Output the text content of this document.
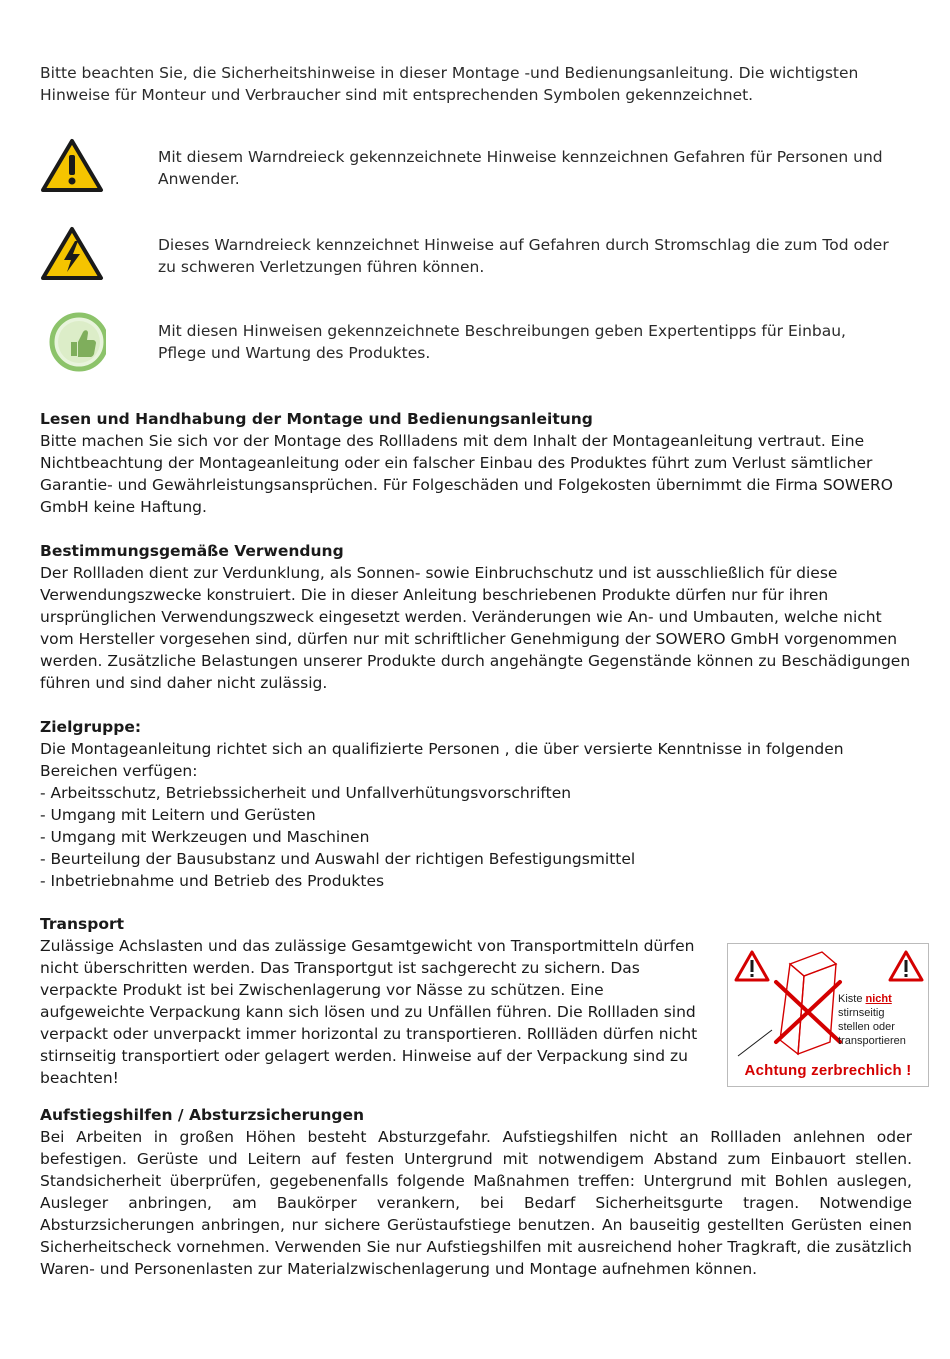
Bitte beachten Sie, die Sicherheitshinweise in dieser Montage -und Bedienungsanleitung. Die wichtigsten Hinweise für Monteur und Verbraucher sind mit entsprechenden Symbolen gekennzeichnet.
Mit diesem Warndreieck gekennzeichnete Hinweise kennzeichnen Gefahren für Personen und Anwender.
Dieses Warndreieck kennzeichnet Hinweise auf Gefahren durch Stromschlag die zum Tod oder zu schweren Verletzungen führen können.
Mit diesen Hinweisen gekennzeichnete Beschreibungen geben Expertentipps für Einbau, Pflege und Wartung des Produktes.
Lesen und Handhabung der Montage und Bedienungsanleitung

Bitte machen Sie sich vor der Montage des Rollladens mit dem Inhalt der Montageanleitung vertraut. Eine Nichtbeachtung der Montageanleitung oder ein falscher Einbau des Produktes führt zum Verlust sämtlicher Garantie- und Gewährleistungsansprüchen. Für Folgeschäden und Folgekosten übernimmt die Firma SOWERO GmbH keine Haftung.

Bestimmungsgemäße Verwendung

Der Rollladen dient zur Verdunklung, als Sonnen- sowie Einbruchschutz und ist ausschließlich für diese Verwendungszwecke konstruiert. Die in dieser Anleitung beschriebenen Produkte dürfen nur für ihren ursprünglichen Verwendungszweck eingesetzt werden. Veränderungen wie An- und Umbauten, welche nicht vom Hersteller vorgesehen sind, dürfen nur mit schriftlicher Genehmigung der SOWERO GmbH vorgenommen werden. Zusätzliche Belastungen unserer Produkte durch angehängte Gegenstände können zu Beschädigungen führen und sind daher nicht zulässig.

Zielgruppe:

Die Montageanleitung richtet sich an qualifizierte Personen , die über versierte Kenntnisse in folgenden Bereichen verfügen:

- Arbeitsschutz, Betriebssicherheit und Unfallverhütungsvorschriften
- Umgang mit Leitern und Gerüsten
- Umgang mit Werkzeugen und Maschinen
- Beurteilung der Bausubstanz und Auswahl der richtigen Befestigungsmittel
- Inbetriebnahme und Betrieb des Produktes
Transport

Zulässige Achslasten und das zulässige Gesamtgewicht von Transportmitteln dürfen nicht überschritten werden. Das Transportgut ist sachgerecht zu sichern. Das verpackte Produkt ist bei Zwischenlagerung vor Nässe zu schützen. Eine aufgeweichte Verpackung kann sich lösen und zu Unfällen führen. Die Rollladen sind verpackt oder unverpackt immer horizontal zu transportieren. Rollläden dürfen nicht stirnseitig transportiert oder gelagert werden. Hinweise auf der Verpackung sind zu beachten!

Kiste nicht
stirnseitig
stellen oder
transportieren
Achtung zerbrechlich !
Aufstiegshilfen / Absturzsicherungen

Bei Arbeiten in großen Höhen besteht Absturzgefahr. Aufstiegshilfen nicht an Rollladen anlehnen oder befestigen. Gerüste und Leitern auf festen Untergrund mit notwendigem Abstand zum Einbauort stellen. Standsicherheit überprüfen, gegebenenfalls folgende Maßnahmen treffen: Untergrund mit Bohlen auslegen, Ausleger anbringen, am Baukörper verankern, bei Bedarf Sicherheitsgurte tragen. Notwendige Absturzsicherungen anbringen, nur sichere Gerüstaufstiege benutzen. An bauseitig gestellten Gerüsten einen Sicherheitscheck vornehmen. Verwenden Sie nur Aufstiegshilfen mit ausreichend hoher Tragkraft, die zusätzlich Waren- und Personenlasten zur Materialzwischenlagerung und Montage aufnehmen können.
